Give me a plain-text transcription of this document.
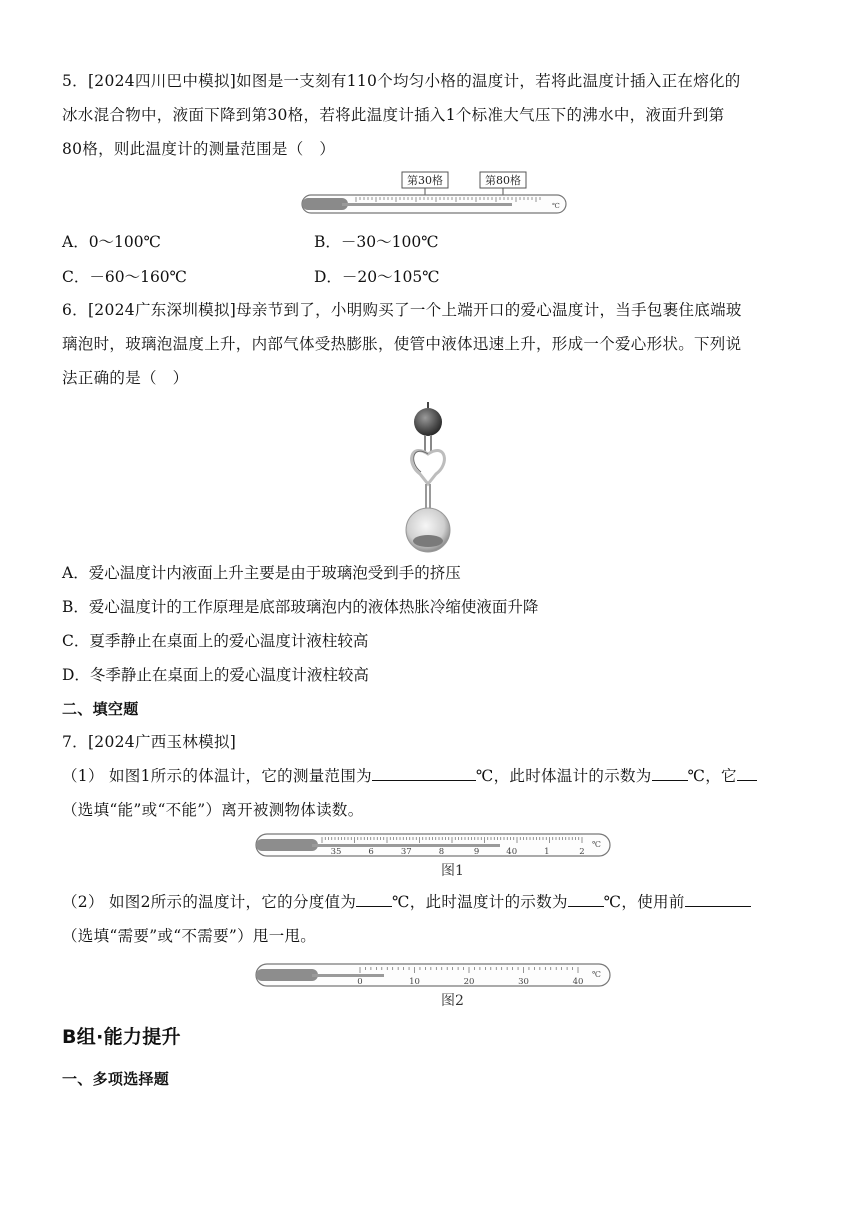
5．[2024四川巴中模拟]如图是一支刻有110个均匀小格的温度计，若将此温度计插入正在熔化的
冰水混合物中，液面下降到第30格，若将此温度计插入1个标准大气压下的沸水中，液面升到第
80格，则此温度计的测量范围是（　）
第30格	第80格
℃
A．0～100℃	B．－30～100℃
C．－60～160℃	D．－20～105℃
6．[2024广东深圳模拟]母亲节到了，小明购买了一个上端开口的爱心温度计，当手包裹住底端玻
璃泡时，玻璃泡温度上升，内部气体受热膨胀，使管中液体迅速上升，形成一个爱心形状。下列说
法正确的是（　）
A．爱心温度计内液面上升主要是由于玻璃泡受到手的挤压
B．爱心温度计的工作原理是底部玻璃泡内的液体热胀冷缩使液面升降
C．夏季静止在桌面上的爱心温度计液柱较高
D．冬季静止在桌面上的爱心温度计液柱较高
二、填空题
7．[2024广西玉林模拟]
（1） 如图1所示的体温计，它的测量范围为	℃，此时体温计的示数为 ℃，它
（选填“能”或“不能”）离开被测物体读数。
35	6	37	8	9	40	1	2
℃
图1
（2） 如图2所示的温度计，它的分度值为 ℃，此时温度计的示数为 ℃，使用前
（选填“需要”或“不需要”）甩一甩。
0	10	20	30	40
℃
图2
B组·能力提升
一、多项选择题
